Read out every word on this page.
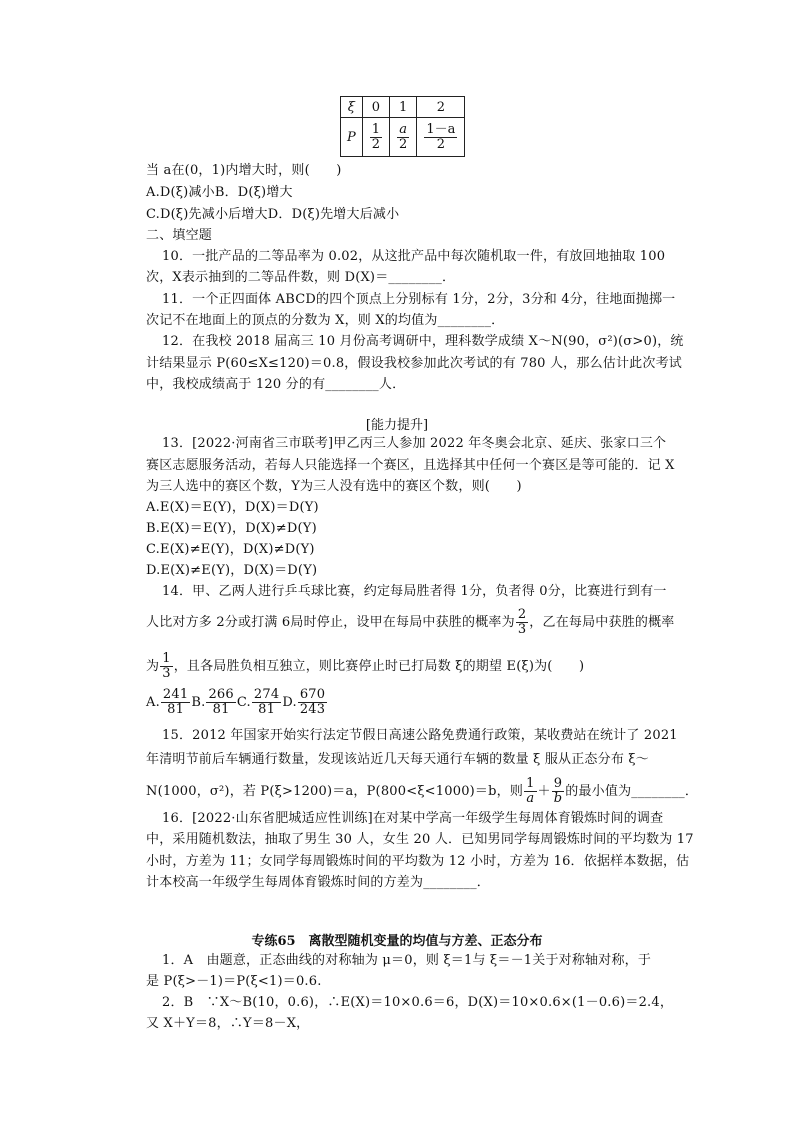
ξ	0	1	2
P	$\frac{1}{2}$	$\frac{a}{2}$	$\frac{1-a}{2}$
当 a在(0，1)内增大时，则(　　)
A.D(ξ)减小B．D(ξ)增大
C.D(ξ)先减小后增大D．D(ξ)先增大后减小
二、填空题
10．一批产品的二等品率为 0.02，从这批产品中每次随机取一件，有放回地抽取 100
次，X表示抽到的二等品件数，则 D(X)＝________．
11．一个正四面体 ABCD的四个顶点上分别标有 1分，2分，3分和 4分，往地面抛掷一
次记不在地面上的顶点的分数为 X，则 X的均值为________．
12．在我校 2018 届高三 10 月份高考调研中，理科数学成绩 X～N(90，σ²)(σ>0)，统
计结果显示 P(60≤X≤120)＝0.8，假设我校参加此次考试的有 780 人，那么估计此次考试
中，我校成绩高于 120 分的有________人．
[能力提升]
13．[2022·河南省三市联考]甲乙丙三人参加 2022 年冬奥会北京、延庆、张家口三个
赛区志愿服务活动，若每人只能选择一个赛区，且选择其中任何一个赛区是等可能的．记 X
为三人选中的赛区个数，Y为三人没有选中的赛区个数，则(　　)
A.E(X)＝E(Y)，D(X)＝D(Y)
B.E(X)＝E(Y)，D(X)≠D(Y)
C.E(X)≠E(Y)，D(X)≠D(Y)
D.E(X)≠E(Y)，D(X)＝D(Y)
14．甲、乙两人进行乒乓球比赛，约定每局胜者得 1分，负者得 0分，比赛进行到有一
人比对方多 2分或打满 6局时停止，设甲在每局中获胜的概率为 $\frac{2}{3}$ ，乙在每局中获胜的概率
为 $\frac{1}{3}$ ，且各局胜负相互独立，则比赛停止时已打局数 ξ的期望 E(ξ)为(　　)
A. $\frac{241}{81} B$. $\frac{266}{81} C$. $\frac{274}{81} D$. $\frac{670}{243}$
15．2012 年国家开始实行法定节假日高速公路免费通行政策，某收费站在统计了 2021
年清明节前后车辆通行数量，发现该站近几天每天通行车辆的数量 ξ 服从正态分布 ξ～
N(1000，σ²)，若 P(ξ>1200)＝a，P(800<ξ<1000)＝b，则 $\frac{1}{a} + \frac{9}{b}$ 的最小值为________．
16．[2022·山东省肥城适应性训练]在对某中学高一年级学生每周体育锻炼时间的调查
中，采用随机数法，抽取了男生 30 人，女生 20 人．已知男同学每周锻炼时间的平均数为 17
小时，方差为 11；女同学每周锻炼时间的平均数为 12 小时，方差为 16．依据样本数据，估
计本校高一年级学生每周体育锻炼时间的方差为________．
专练65　离散型随机变量的均值与方差、正态分布
1．A　由题意，正态曲线的对称轴为 μ＝0，则 ξ＝1与 ξ＝－1关于对称轴对称，于
是 P(ξ>－1)＝P(ξ<1)＝0.6.
2．B　∵X～B(10，0.6)，∴E(X)＝10×0.6＝6，D(X)＝10×0.6×(1－0.6)＝2.4，
又 X＋Y＝8，∴Y＝8－X，
